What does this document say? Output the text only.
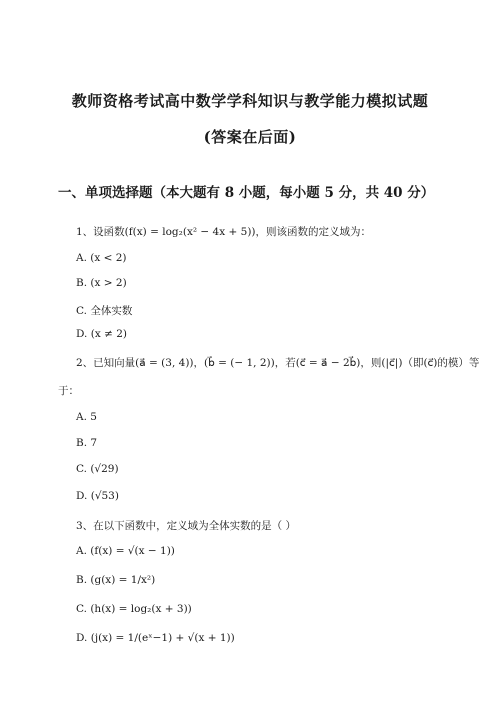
教师资格考试高中数学学科知识与教学能力模拟试题
(答案在后面)
一、单项选择题（本大题有 8 小题，每小题 5 分，共 40 分）
1、设函数(f(x) = log₂(x² − 4x + 5))，则该函数的定义域为：
A. (x < 2)
B. (x > 2)
C. 全体实数
D. (x ≠ 2)
2、已知向量(a⃗ = (3, 4))，(b⃗ = (− 1, 2))，若(c⃗ = a⃗ − 2b⃗)，则(|c⃗|)（即(c⃗)的模）等
于：
A. 5
B. 7
C. (√29)
D. (√53)
3、在以下函数中，定义域为全体实数的是（ ）
A. (f(x) = √(x − 1))
B. (g(x) = 1/x²)
C. (h(x) = log₂(x + 3))
D. (j(x) = 1/(eˣ−1) + √(x + 1))
